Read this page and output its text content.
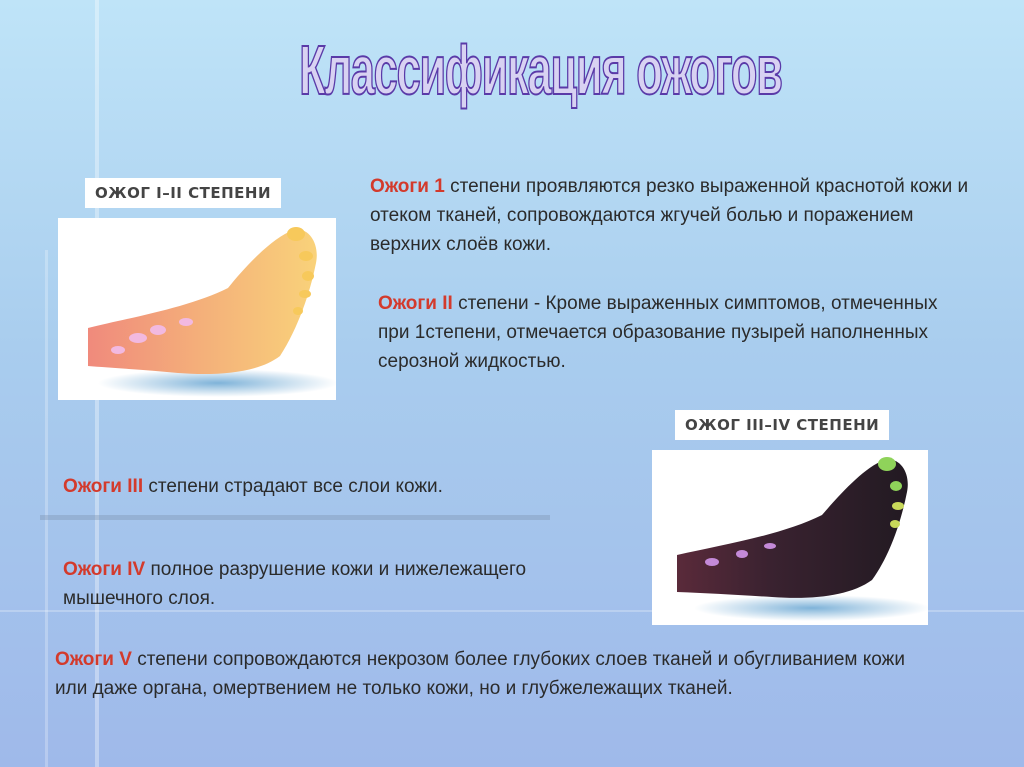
Классификация ожогов
ОЖОГ I–II СТЕПЕНИ
ОЖОГ III–IV СТЕПЕНИ
Ожоги 1 степени проявляются резко выраженной краснотой кожи и отеком тканей, сопровождаются жгучей болью и поражением верхних слоёв кожи.
Ожоги II степени - Кроме выраженных симптомов, отмеченных при 1степени, отмечается образование пузырей наполненных серозной жидкостью.
Ожоги III степени страдают все слои кожи.
Ожоги IV полное разрушение кожи и нижележащего мышечного слоя.
Ожоги V степени сопровождаются некрозом более глубоких слоев тканей и обугливанием кожи или даже органа, омертвением не только кожи, но и глубжележащих тканей.
